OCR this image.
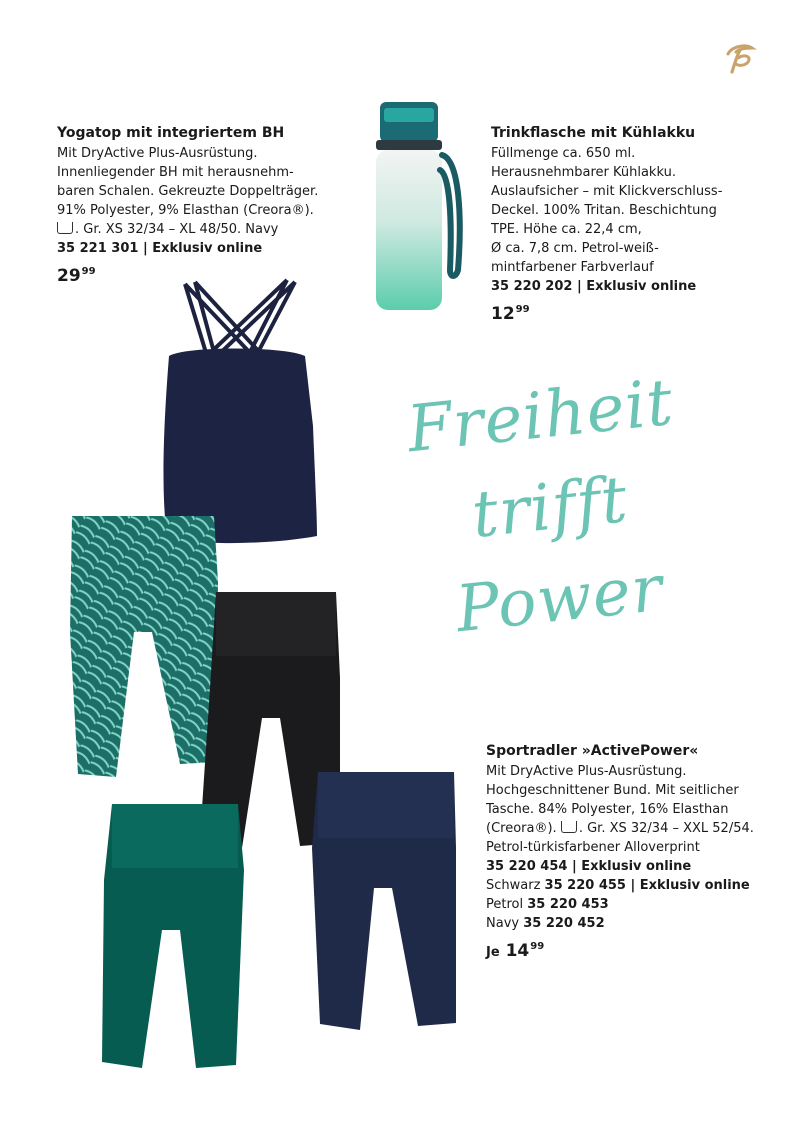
Yogatop mit integriertem BH
Mit DryActive Plus-Ausrüstung.
Innenliegender BH mit herausnehm-
baren Schalen. Gekreuzte Doppelträger.
91% Polyester, 9% Elasthan (Creora®).
. Gr. XS 32/34 – XL 48/50. Navy
35 221 301 | Exklusiv online
$29^{99}$
Trinkflasche mit Kühlakku
Füllmenge ca. 650 ml.
Herausnehmbarer Kühlakku.
Auslaufsicher – mit Klickverschluss-
Deckel. 100% Tritan. Beschichtung
TPE. Höhe ca. 22,4 cm,
Ø ca. 7,8 cm. Petrol-weiß-
mintfarbener Farbverlauf
35 220 202 | Exklusiv online
$12^{99}$
Freiheit
trifft
Power
Sportradler »ActivePower«
Mit DryActive Plus-Ausrüstung.
Hochgeschnittener Bund. Mit seitlicher
Tasche. 84% Polyester, 16% Elasthan
(Creora®). . Gr. XS 32/34 – XXL 52/54.
Petrol-türkisfarbener Alloverprint
35 220 454 | Exklusiv online
Schwarz 35 220 455 | Exklusiv online
Petrol 35 220 453
Navy 35 220 452
Je $14^{99}$
